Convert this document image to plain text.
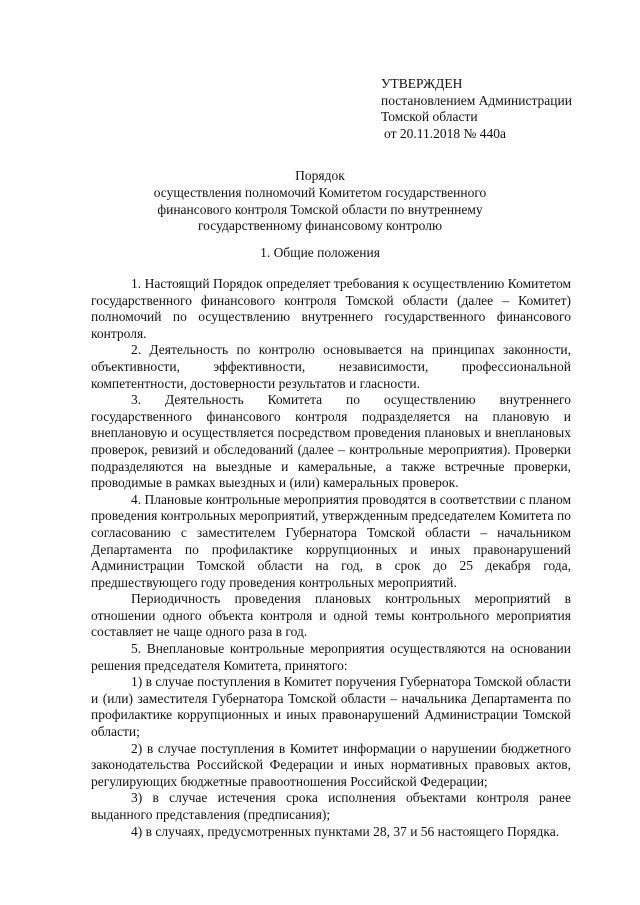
УТВЕРЖДЕН
постановлением Администрации
Томской области
от 20.11.2018 № 440а
Порядок
осуществления полномочий Комитетом государственного
финансового контроля Томской области по внутреннему
государственному финансовому контролю
1. Общие положения

1. Настоящий Порядок определяет требования к осуществлению Комитетом государственного финансового контроля Томской области (далее – Комитет) полномочий по осуществлению внутреннего государственного финансового контроля.

2. Деятельность по контролю основывается на принципах законности, объективности, эффективности, независимости, профессиональной компетентности, достоверности результатов и гласности.

3. Деятельность Комитета по осуществлению внутреннего государственного финансового контроля подразделяется на плановую и внеплановую и осуществляется посредством проведения плановых и внеплановых проверок, ревизий и обследований (далее – контрольные мероприятия). Проверки подразделяются на выездные и камеральные, а также встречные проверки, проводимые в рамках выездных и (или) камеральных проверок.

4. Плановые контрольные мероприятия проводятся в соответствии с планом проведения контрольных мероприятий, утвержденным председателем Комитета по согласованию с заместителем Губернатора Томской области – начальником Департамента по профилактике коррупционных и иных правонарушений Администрации Томской области на год, в срок до 25 декабря года, предшествующего году проведения контрольных мероприятий.

Периодичность проведения плановых контрольных мероприятий в отношении одного объекта контроля и одной темы контрольного мероприятия составляет не чаще одного раза в год.

5. Внеплановые контрольные мероприятия осуществляются на основании решения председателя Комитета, принятого:

1) в случае поступления в Комитет поручения Губернатора Томской области и (или) заместителя Губернатора Томской области – начальника Департамента по профилактике коррупционных и иных правонарушений Администрации Томской области;

2) в случае поступления в Комитет информации о нарушении бюджетного законодательства Российской Федерации и иных нормативных правовых актов, регулирующих бюджетные правоотношения Российской Федерации;

3) в случае истечения срока исполнения объектами контроля ранее выданного представления (предписания);

4) в случаях, предусмотренных пунктами 28, 37 и 56 настоящего Порядка.
